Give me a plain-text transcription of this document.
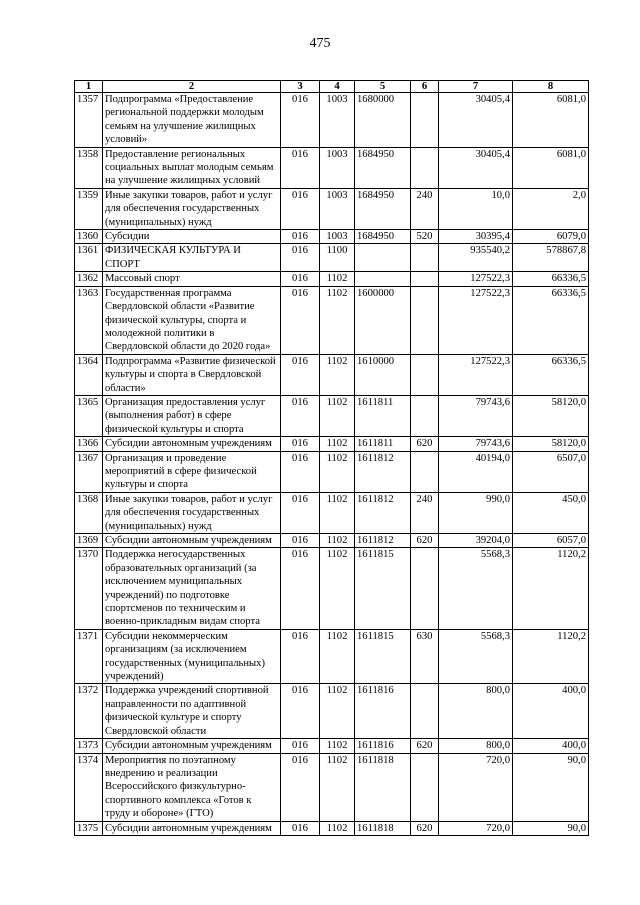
475
1	2	3	4	5	6	7	8
1357	Подпрограмма «Предоставление региональной поддержки молодым семьям на улучшение жилищных условий»	016	1003	1680000		30405,4	6081,0
1358	Предоставление региональных социальных выплат молодым семьям на улучшение жилищных условий	016	1003	1684950		30405,4	6081,0
1359	Иные закупки товаров, работ и услуг для обеспечения государственных (муниципальных) нужд	016	1003	1684950	240	10,0	2,0
1360	Субсидии	016	1003	1684950	520	30395,4	6079,0
1361	ФИЗИЧЕСКАЯ КУЛЬТУРА И СПОРТ	016	1100			935540,2	578867,8
1362	Массовый спорт	016	1102			127522,3	66336,5
1363	Государственная программа Свердловской области «Развитие физической культуры, спорта и молодежной политики в Свердловской области до 2020 года»	016	1102	1600000		127522,3	66336,5
1364	Подпрограмма «Развитие физической культуры и спорта в Свердловской области»	016	1102	1610000		127522,3	66336,5
1365	Организация предоставления услуг (выполнения работ) в сфере физической культуры и спорта	016	1102	1611811		79743,6	58120,0
1366	Субсидии автономным учреждениям	016	1102	1611811	620	79743,6	58120,0
1367	Организация и проведение мероприятий в сфере физической культуры и спорта	016	1102	1611812		40194,0	6507,0
1368	Иные закупки товаров, работ и услуг для обеспечения государственных (муниципальных) нужд	016	1102	1611812	240	990,0	450,0
1369	Субсидии автономным учреждениям	016	1102	1611812	620	39204,0	6057,0
1370	Поддержка негосударственных образовательных организаций (за исключением муниципальных учреждений) по подготовке спортсменов по техническим и военно-прикладным видам спорта	016	1102	1611815		5568,3	1120,2
1371	Субсидии некоммерческим организациям (за исключением государственных (муниципальных) учреждений)	016	1102	1611815	630	5568,3	1120,2
1372	Поддержка учреждений спортивной направленности по адаптивной физической культуре и спорту Свердловской области	016	1102	1611816		800,0	400,0
1373	Субсидии автономным учреждениям	016	1102	1611816	620	800,0	400,0
1374	Мероприятия по поэтапному внедрению и реализации Всероссийского физкультурно-спортивного комплекса «Готов к труду и обороне» (ГТО)	016	1102	1611818		720,0	90,0
1375	Субсидии автономным учреждениям	016	1102	1611818	620	720,0	90,0
